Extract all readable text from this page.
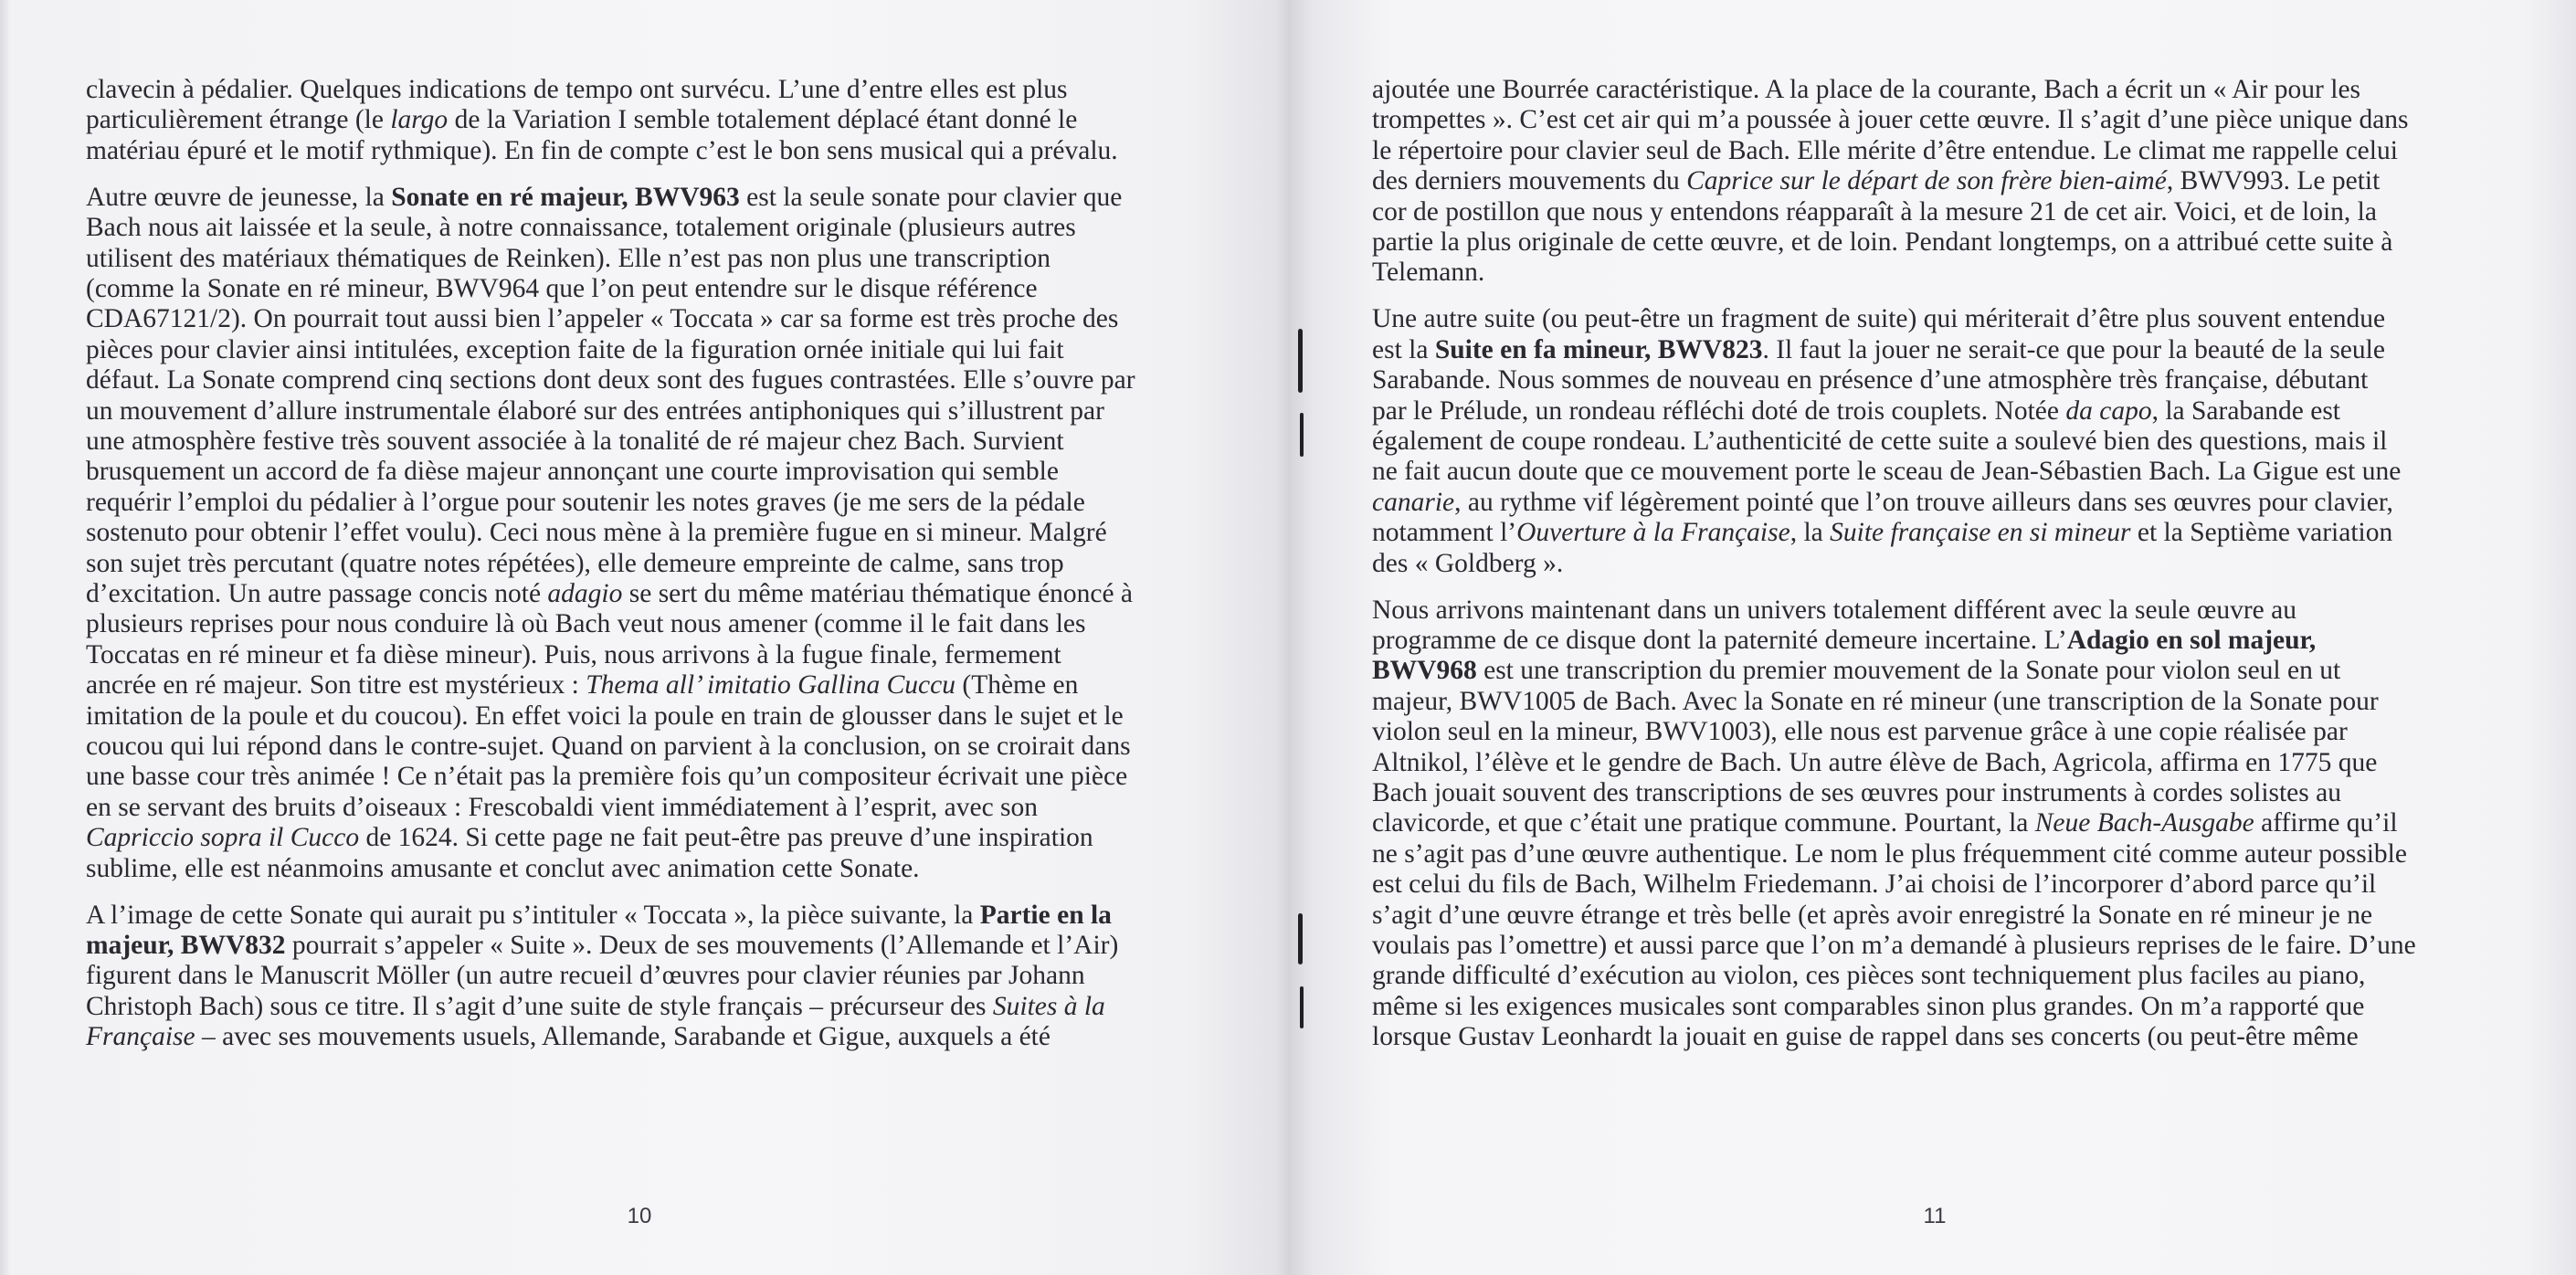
clavecin à pédalier. Quelques indications de tempo ont survécu. L’une d’entre elles est plus
particulièrement étrange (le largo de la Variation I semble totalement déplacé étant donné le
matériau épuré et le motif rythmique). En fin de compte c’est le bon sens musical qui a prévalu.

Autre œuvre de jeunesse, la Sonate en ré majeur, BWV963 est la seule sonate pour clavier que
Bach nous ait laissée et la seule, à notre connaissance, totalement originale (plusieurs autres
utilisent des matériaux thématiques de Reinken). Elle n’est pas non plus une transcription
(comme la Sonate en ré mineur, BWV964 que l’on peut entendre sur le disque référence
CDA67121/2). On pourrait tout aussi bien l’appeler « Toccata » car sa forme est très proche des
pièces pour clavier ainsi intitulées, exception faite de la figuration ornée initiale qui lui fait
défaut. La Sonate comprend cinq sections dont deux sont des fugues contrastées. Elle s’ouvre par
un mouvement d’allure instrumentale élaboré sur des entrées antiphoniques qui s’illustrent par
une atmosphère festive très souvent associée à la tonalité de ré majeur chez Bach. Survient
brusquement un accord de fa dièse majeur annonçant une courte improvisation qui semble
requérir l’emploi du pédalier à l’orgue pour soutenir les notes graves (je me sers de la pédale
sostenuto pour obtenir l’effet voulu). Ceci nous mène à la première fugue en si mineur. Malgré
son sujet très percutant (quatre notes répétées), elle demeure empreinte de calme, sans trop
d’excitation. Un autre passage concis noté adagio se sert du même matériau thématique énoncé à
plusieurs reprises pour nous conduire là où Bach veut nous amener (comme il le fait dans les
Toccatas en ré mineur et fa dièse mineur). Puis, nous arrivons à la fugue finale, fermement
ancrée en ré majeur. Son titre est mystérieux : Thema all’ imitatio Gallina Cuccu (Thème en
imitation de la poule et du coucou). En effet voici la poule en train de glousser dans le sujet et le
coucou qui lui répond dans le contre-sujet. Quand on parvient à la conclusion, on se croirait dans
une basse cour très animée ! Ce n’était pas la première fois qu’un compositeur écrivait une pièce
en se servant des bruits d’oiseaux : Frescobaldi vient immédiatement à l’esprit, avec son
Capriccio sopra il Cucco de 1624. Si cette page ne fait peut-être pas preuve d’une inspiration
sublime, elle est néanmoins amusante et conclut avec animation cette Sonate.

A l’image de cette Sonate qui aurait pu s’intituler « Toccata », la pièce suivante, la Partie en la
majeur, BWV832 pourrait s’appeler « Suite ». Deux de ses mouvements (l’Allemande et l’Air)
figurent dans le Manuscrit Möller (un autre recueil d’œuvres pour clavier réunies par Johann
Christoph Bach) sous ce titre. Il s’agit d’une suite de style français – précurseur des Suites à la
Française – avec ses mouvements usuels, Allemande, Sarabande et Gigue, auxquels a été

10

ajoutée une Bourrée caractéristique. A la place de la courante, Bach a écrit un « Air pour les
trompettes ». C’est cet air qui m’a poussée à jouer cette œuvre. Il s’agit d’une pièce unique dans
le répertoire pour clavier seul de Bach. Elle mérite d’être entendue. Le climat me rappelle celui
des derniers mouvements du Caprice sur le départ de son frère bien-aimé, BWV993. Le petit
cor de postillon que nous y entendons réapparaît à la mesure 21 de cet air. Voici, et de loin, la
partie la plus originale de cette œuvre, et de loin. Pendant longtemps, on a attribué cette suite à
Telemann.

Une autre suite (ou peut-être un fragment de suite) qui mériterait d’être plus souvent entendue
est la Suite en fa mineur, BWV823. Il faut la jouer ne serait-ce que pour la beauté de la seule
Sarabande. Nous sommes de nouveau en présence d’une atmosphère très française, débutant
par le Prélude, un rondeau réfléchi doté de trois couplets. Notée da capo, la Sarabande est
également de coupe rondeau. L’authenticité de cette suite a soulevé bien des questions, mais il
ne fait aucun doute que ce mouvement porte le sceau de Jean-Sébastien Bach. La Gigue est une
canarie, au rythme vif légèrement pointé que l’on trouve ailleurs dans ses œuvres pour clavier,
notamment l’Ouverture à la Française, la Suite française en si mineur et la Septième variation
des « Goldberg ».

Nous arrivons maintenant dans un univers totalement différent avec la seule œuvre au
programme de ce disque dont la paternité demeure incertaine. L’Adagio en sol majeur,
BWV968 est une transcription du premier mouvement de la Sonate pour violon seul en ut
majeur, BWV1005 de Bach. Avec la Sonate en ré mineur (une transcription de la Sonate pour
violon seul en la mineur, BWV1003), elle nous est parvenue grâce à une copie réalisée par
Altnikol, l’élève et le gendre de Bach. Un autre élève de Bach, Agricola, affirma en 1775 que
Bach jouait souvent des transcriptions de ses œuvres pour instruments à cordes solistes au
clavicorde, et que c’était une pratique commune. Pourtant, la Neue Bach-Ausgabe affirme qu’il
ne s’agit pas d’une œuvre authentique. Le nom le plus fréquemment cité comme auteur possible
est celui du fils de Bach, Wilhelm Friedemann. J’ai choisi de l’incorporer d’abord parce qu’il
s’agit d’une œuvre étrange et très belle (et après avoir enregistré la Sonate en ré mineur je ne
voulais pas l’omettre) et aussi parce que l’on m’a demandé à plusieurs reprises de le faire. D’une
grande difficulté d’exécution au violon, ces pièces sont techniquement plus faciles au piano,
même si les exigences musicales sont comparables sinon plus grandes. On m’a rapporté que
lorsque Gustav Leonhardt la jouait en guise de rappel dans ses concerts (ou peut-être même

11
